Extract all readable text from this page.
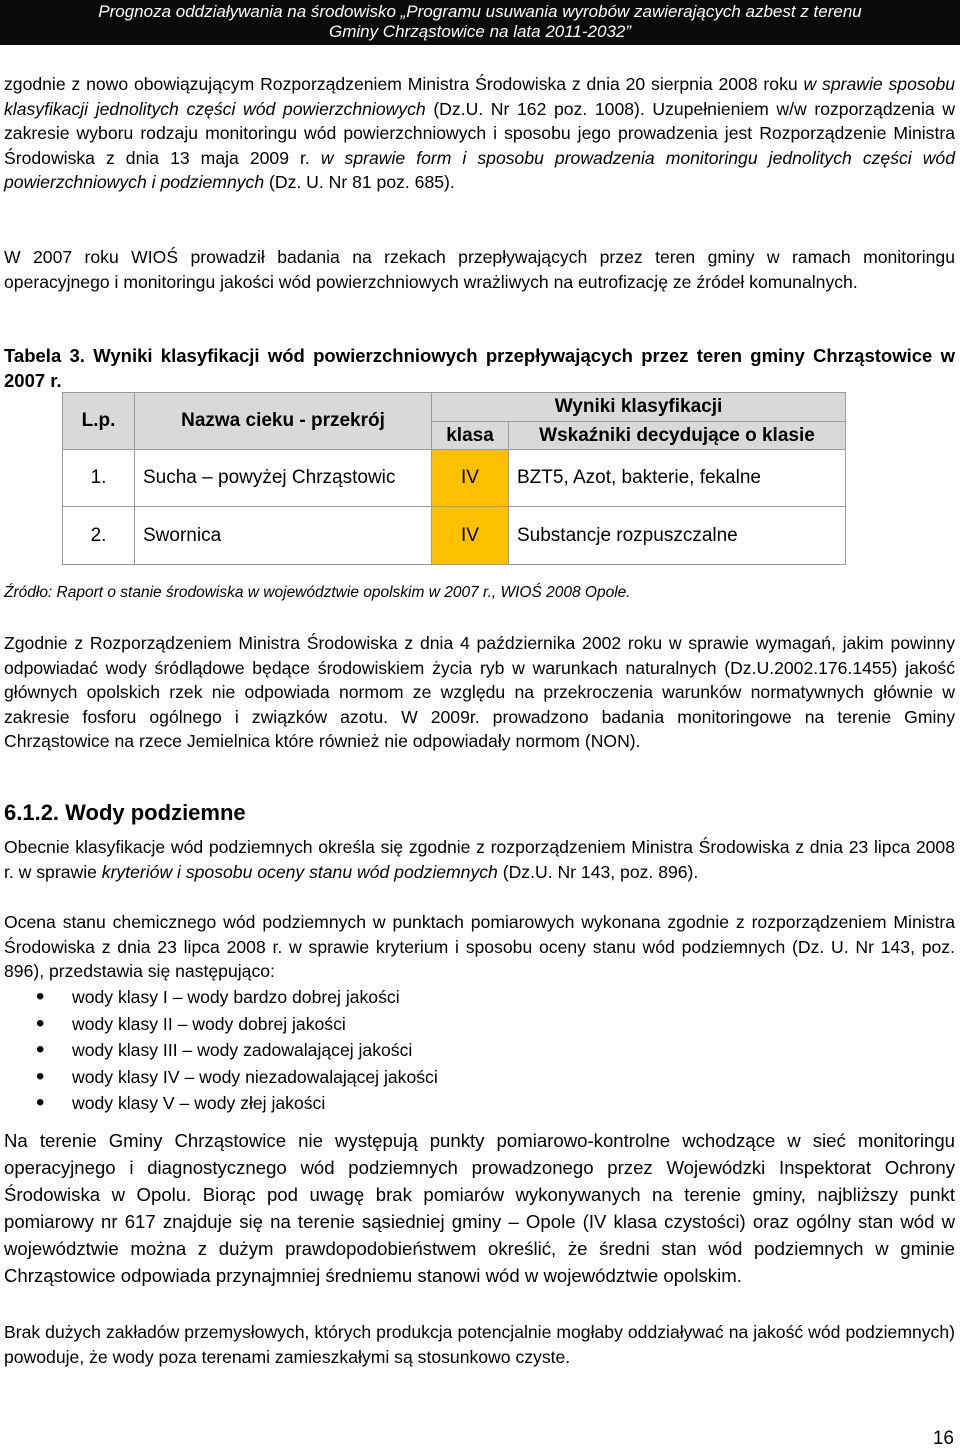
Prognoza oddziaływania na środowisko „Programu usuwania wyrobów zawierających azbest z terenu
Gminy Chrząstowice na lata 2011-2032”
zgodnie z nowo obowiązującym Rozporządzeniem Ministra Środowiska z dnia 20 sierpnia 2008 roku w sprawie sposobu klasyfikacji jednolitych części wód powierzchniowych (Dz.U. Nr 162 poz. 1008). Uzupełnieniem w/w rozporządzenia w zakresie wyboru rodzaju monitoringu wód powierzchniowych i sposobu jego prowadzenia jest Rozporządzenie Ministra Środowiska z dnia 13 maja 2009 r. w sprawie form i sposobu prowadzenia monitoringu jednolitych części wód powierzchniowych i podziemnych (Dz. U. Nr 81 poz. 685).
W 2007 roku WIOŚ prowadził badania na rzekach przepływających przez teren gminy w ramach monitoringu operacyjnego i monitoringu jakości wód powierzchniowych wrażliwych na eutrofizację ze źródeł komunalnych.
Tabela 3. Wyniki klasyfikacji wód powierzchniowych przepływających przez teren gminy Chrząstowice w 2007 r.
L.p.	Nazwa cieku - przekrój	Wyniki klasyfikacji	
		klasa	Wskaźniki decydujące o klasie
1.	Sucha – powyżej Chrząstowic	IV	BZT5, Azot, bakterie, fekalne
2.	Swornica	IV	Substancje rozpuszczalne
Źródło: Raport o stanie środowiska w województwie opolskim w 2007 r., WIOŚ 2008 Opole.
Zgodnie z Rozporządzeniem Ministra Środowiska z dnia 4 października 2002 roku w sprawie wymagań, jakim powinny odpowiadać wody śródlądowe będące środowiskiem życia ryb w warunkach naturalnych (Dz.U.2002.176.1455) jakość głównych opolskich rzek nie odpowiada normom ze względu na przekroczenia warunków normatywnych głównie w zakresie fosforu ogólnego i związków azotu. W 2009r. prowadzono badania monitoringowe na terenie Gminy Chrząstowice na rzece Jemielnica które również nie odpowiadały normom (NON).
6.1.2. Wody podziemne
Obecnie klasyfikacje wód podziemnych określa się zgodnie z rozporządzeniem Ministra Środowiska z dnia 23 lipca 2008 r. w sprawie kryteriów i sposobu oceny stanu wód podziemnych (Dz.U. Nr 143, poz. 896).
Ocena stanu chemicznego wód podziemnych w punktach pomiarowych wykonana zgodnie z rozporządzeniem Ministra Środowiska z dnia 23 lipca 2008 r. w sprawie kryterium i sposobu oceny stanu wód podziemnych (Dz. U. Nr 143, poz. 896), przedstawia się następująco:
• wody klasy I – wody bardzo dobrej jakości
• wody klasy II – wody dobrej jakości
• wody klasy III – wody zadowalającej jakości
• wody klasy IV – wody niezadowalającej jakości
• wody klasy V – wody złej jakości
Na terenie Gminy Chrząstowice nie występują punkty pomiarowo-kontrolne wchodzące w sieć monitoringu operacyjnego i diagnostycznego wód podziemnych prowadzonego przez Wojewódzki Inspektorat Ochrony Środowiska w Opolu. Biorąc pod uwagę brak pomiarów wykonywanych na terenie gminy, najbliższy punkt pomiarowy nr 617 znajduje się na terenie sąsiedniej gminy – Opole (IV klasa czystości) oraz ogólny stan wód w województwie można z dużym prawdopodobieństwem określić, że średni stan wód podziemnych w gminie Chrząstowice odpowiada przynajmniej średniemu stanowi wód w województwie opolskim.
Brak dużych zakładów przemysłowych, których produkcja potencjalnie mogłaby oddziaływać na jakość wód podziemnych) powoduje, że wody poza terenami zamieszkałymi są stosunkowo czyste.
16
